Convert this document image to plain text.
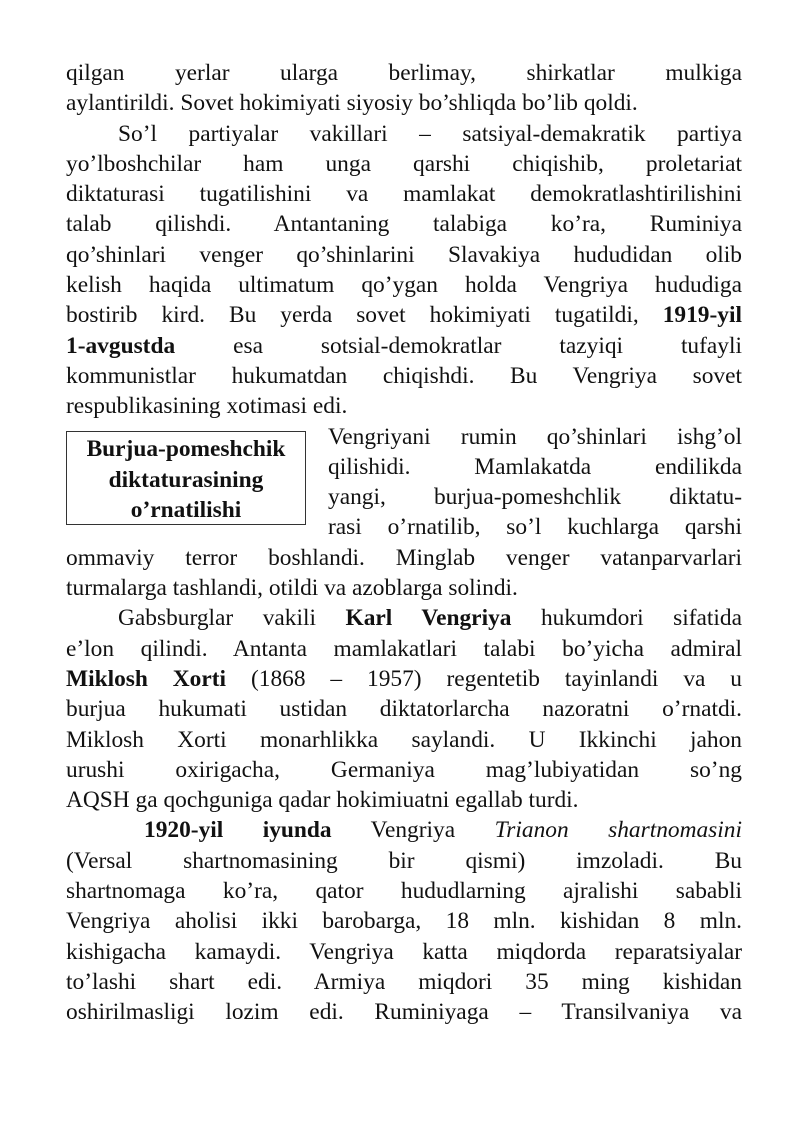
qilgan yerlar ularga berlimay, shirkatlar mulkiga
aylantirildi. Sovet hokimiyati siyosiy bo’shliqda bo’lib qoldi.
So’l partiyalar vakillari – satsiyal-demakratik partiya
yo’lboshchilar ham unga qarshi chiqishib, proletariat
diktaturasi tugatilishini va mamlakat demokratlashtirilishini
talab qilishdi. Antantaning talabiga ko’ra, Ruminiya
qo’shinlari venger qo’shinlarini Slavakiya hududidan olib
kelish haqida ultimatum qo’ygan holda Vengriya hududiga
bostirib kird. Bu yerda sovet hokimiyati tugatildi, 1919-yil
1-avgustda esa sotsial-demokratlar tazyiqi tufayli
kommunistlar hukumatdan chiqishdi. Bu Vengriya sovet
respublikasining xotimasi edi.
Burjua-pomeshchik
diktaturasining
o’rnatilishi
Vengriyani rumin qo’shinlari ishg’ol
qilishidi. Mamlakatda endilikda
yangi, burjua-pomeshchlik diktatu-
rasi o’rnatilib, so’l kuchlarga qarshi
ommaviy terror boshlandi. Minglab venger vatanparvarlari
turmalarga tashlandi, otildi va azoblarga solindi.
Gabsburglar vakili Karl Vengriya hukumdori sifatida
e’lon qilindi. Antanta mamlakatlari talabi bo’yicha admiral
Miklosh Xorti (1868 – 1957) regentetib tayinlandi va u
burjua hukumati ustidan diktatorlarcha nazoratni o’rnatdi.
Miklosh Xorti monarhlikka saylandi. U Ikkinchi jahon
urushi oxirigacha, Germaniya mag’lubiyatidan so’ng
AQSH ga qochguniga qadar hokimiuatni egallab turdi.
1920-yil iyunda Vengriya Trianon shartnomasini
(Versal shartnomasining bir qismi) imzoladi. Bu
shartnomaga ko’ra, qator hududlarning ajralishi sababli
Vengriya aholisi ikki barobarga, 18 mln. kishidan 8 mln.
kishigacha kamaydi. Vengriya katta miqdorda reparatsiyalar
to’lashi shart edi. Armiya miqdori 35 ming kishidan
oshirilmasligi lozim edi. Ruminiyaga – Transilvaniya va
